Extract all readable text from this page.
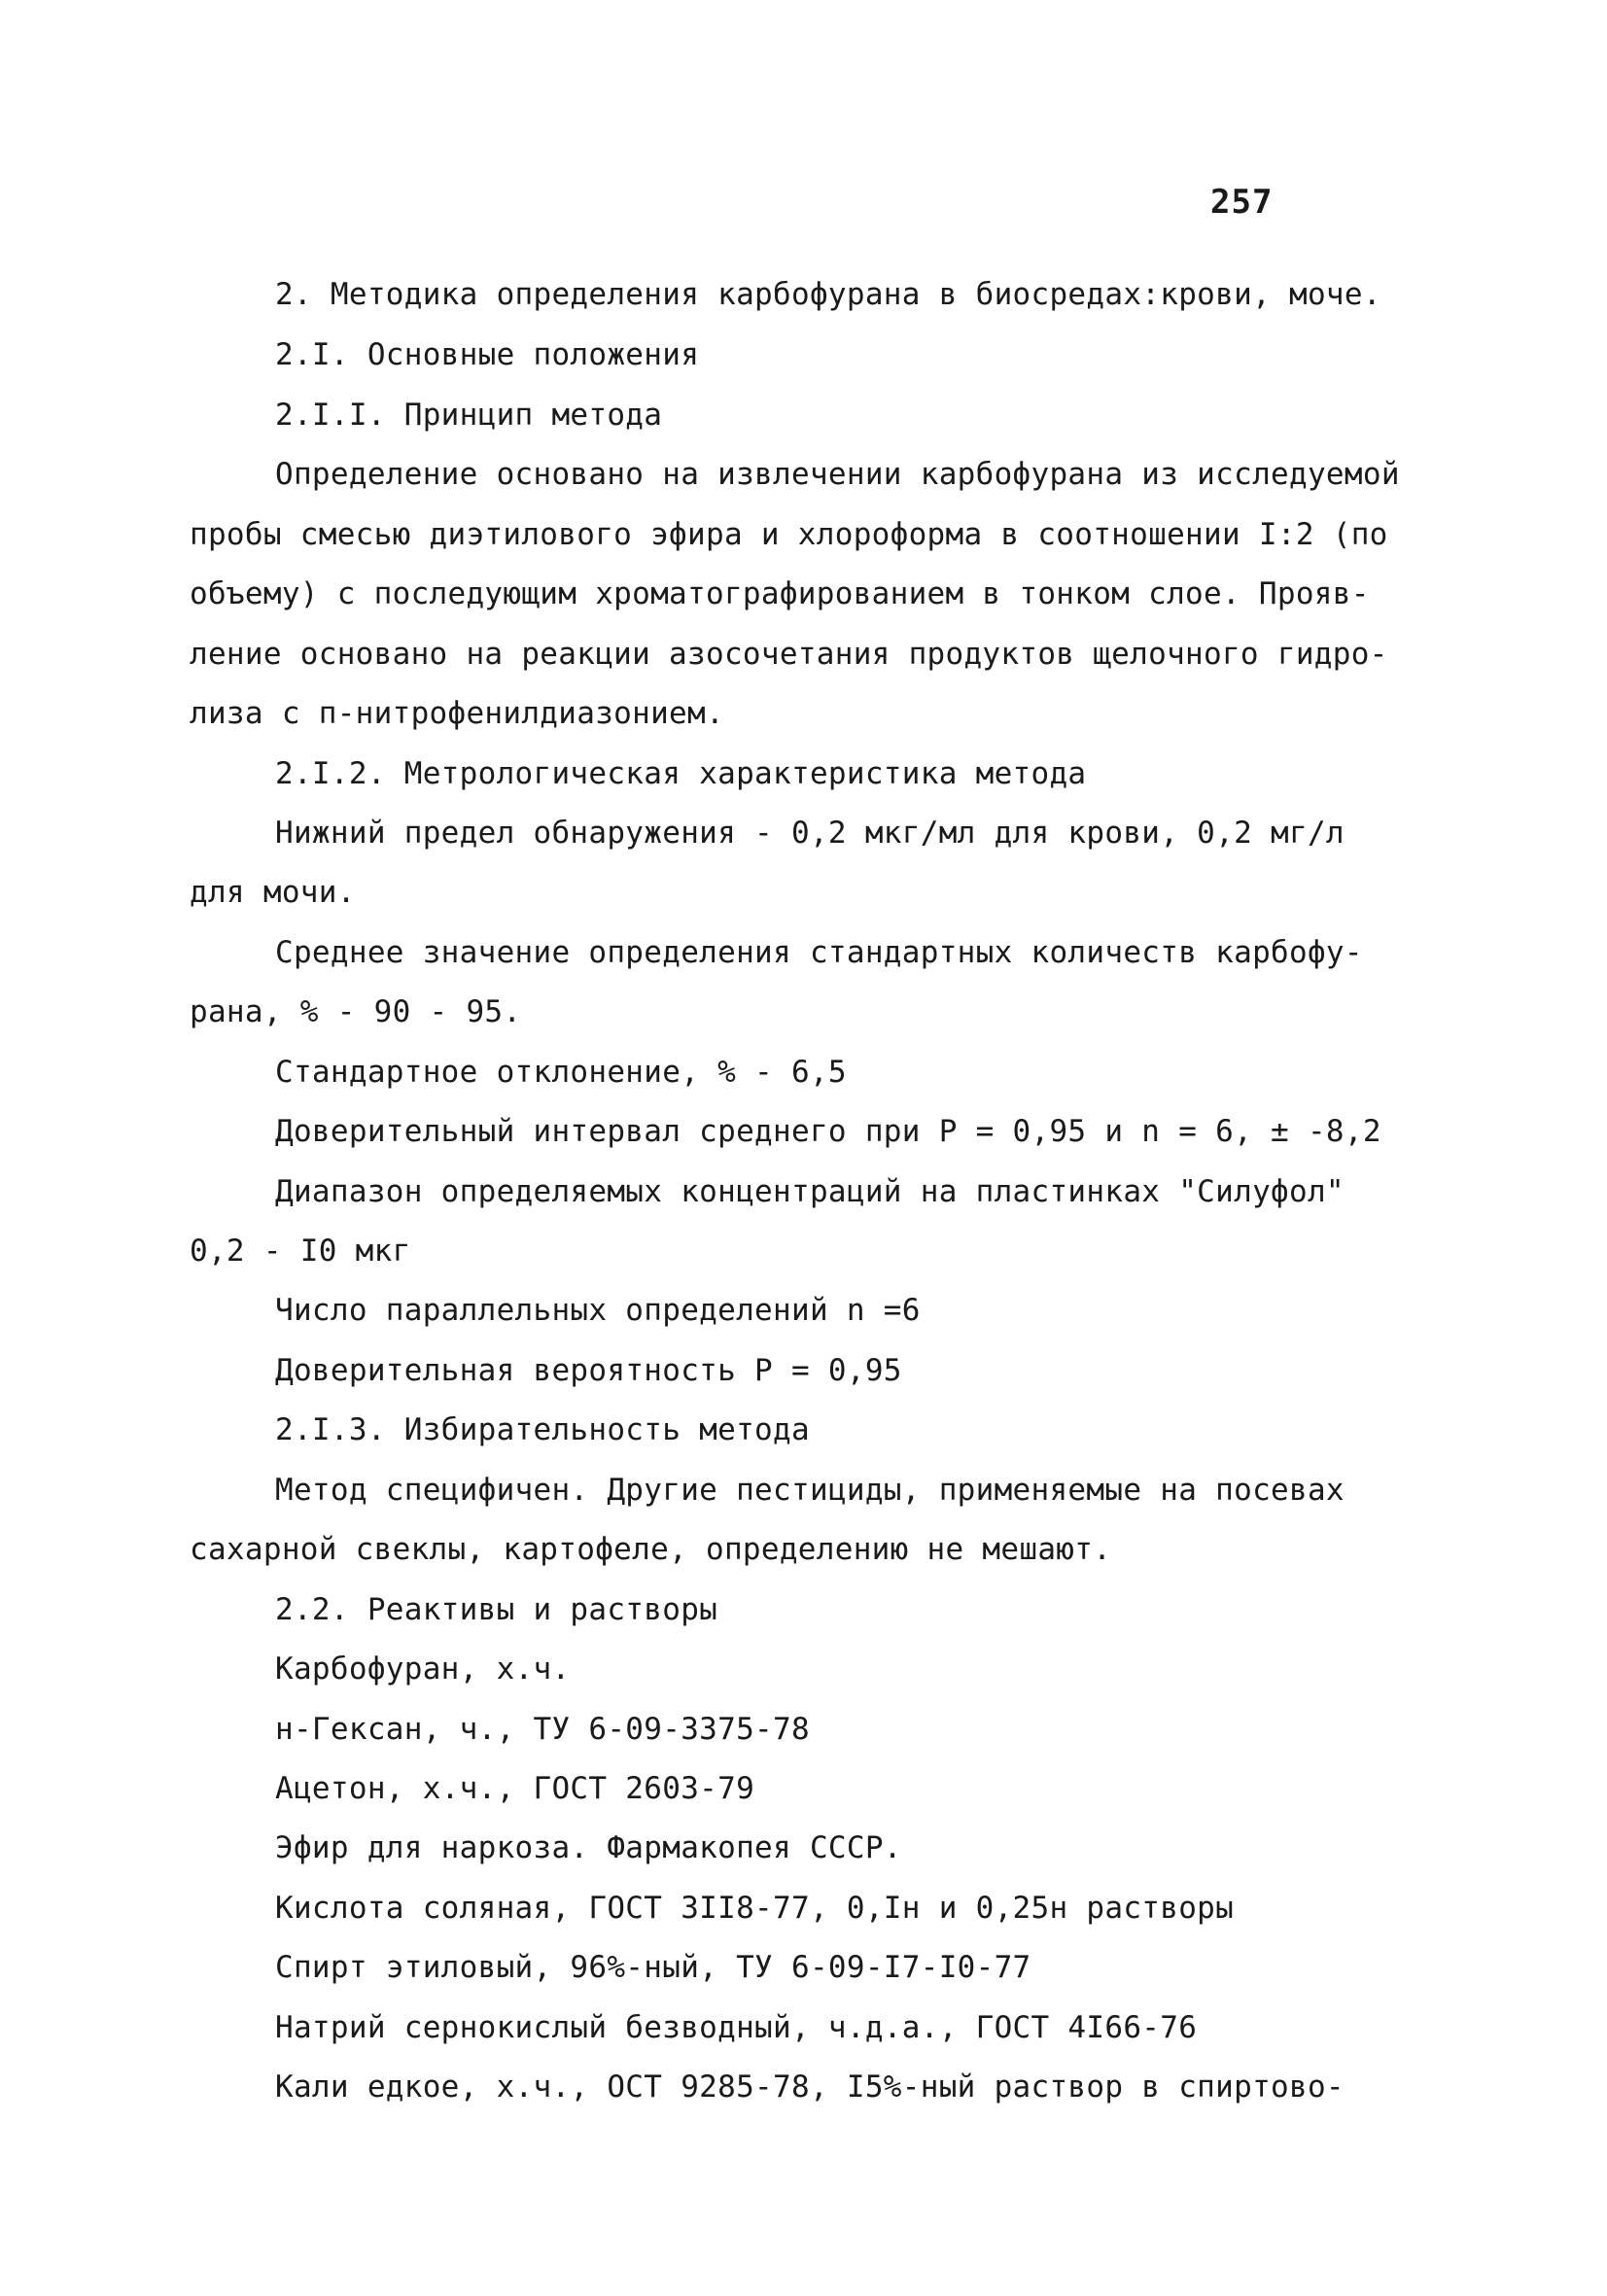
257
2. Методика определения карбофурана в биосредах:крови, моче.
2.I. Основные положения
2.I.I. Принцип метода
Определение основано на извлечении карбофурана из исследуемой
пробы смесью диэтилового эфира и хлороформа в соотношении I:2 (по
объему) с последующим хроматографированием в тонком слое. Прояв-
ление основано на реакции азосочетания продуктов щелочного гидро-
лиза с п-нитрофенилдиазонием.
2.I.2. Метрологическая характеристика метода
Нижний предел обнаружения - 0,2 мкг/мл для крови, 0,2 мг/л
для мочи.
Среднее значение определения стандартных количеств карбофу-
рана, % - 90 - 95.
Стандартное отклонение, % - 6,5
Доверительный интервал среднего при P = 0,95 и n = 6, ± -8,2
Диапазон определяемых концентраций на пластинках "Силуфол"
0,2 - I0 мкг
Число параллельных определений n =6
Доверительная вероятность P = 0,95
2.I.3. Избирательность метода
Метод специфичен. Другие пестициды, применяемые на посевах
сахарной свеклы, картофеле, определению не мешают.
2.2. Реактивы и растворы
Карбофуран, х.ч.
н-Гексан, ч., ТУ 6-09-3375-78
Ацетон, х.ч., ГОСТ 2603-79
Эфир для наркоза. Фармакопея СССР.
Кислота соляная, ГОСТ 3II8-77, 0,Iн и 0,25н растворы
Спирт этиловый, 96%-ный, ТУ 6-09-I7-I0-77
Натрий сернокислый безводный, ч.д.а., ГОСТ 4I66-76
Кали едкое, х.ч., ОСТ 9285-78, I5%-ный раствор в спиртово-
